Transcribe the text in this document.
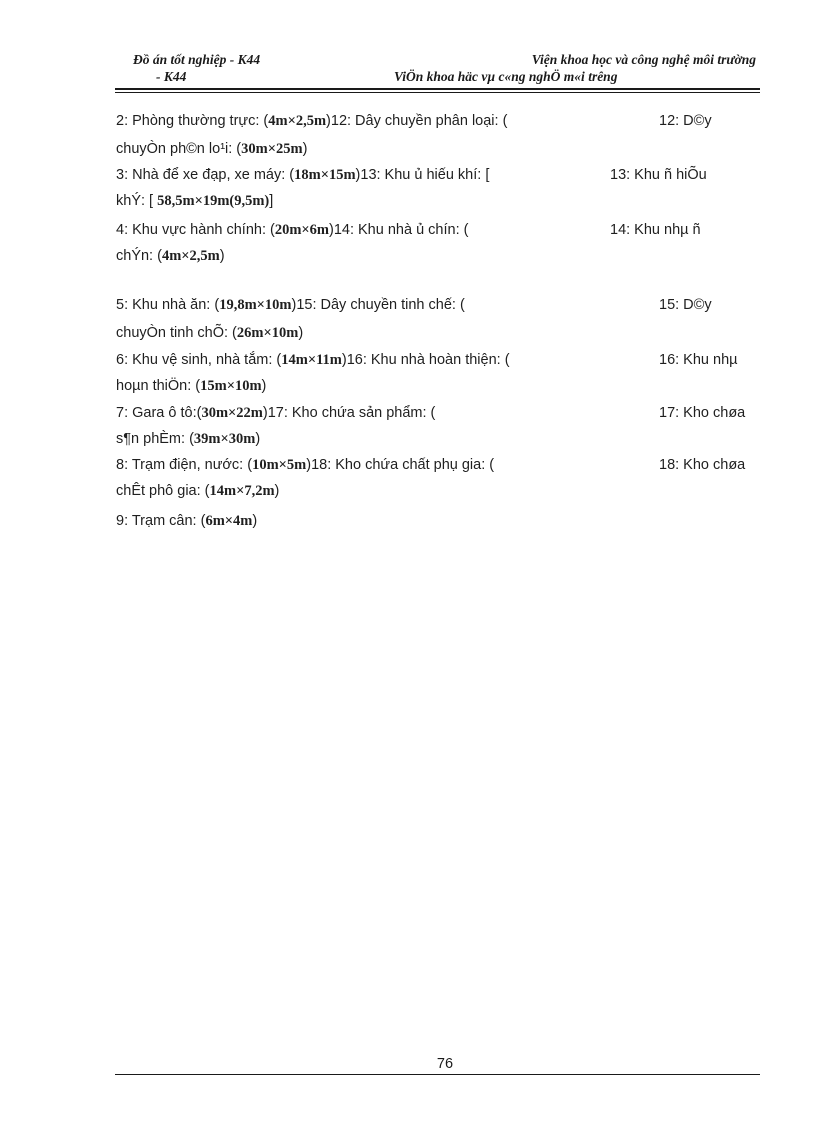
Đồ án tốt nghiệp - K44
- K44
Viện khoa học và công nghệ môi trường
ViÖn khoa häc vµ c«ng nghÖ m«i trêng
2: Phòng thường trực: (4m×2,5m)12: Dây chuyền phân loại: (	12: D©y
chuyÒn ph©n lo¹i: (30m×25m)
3: Nhà để xe đạp, xe máy: (18m×15m)13: Khu ủ hiếu khí: [	13: Khu ñ hiÕu
khÝ: [ 58,5m×19m(9,5m)]
4: Khu vực hành chính: (20m×6m)14: Khu nhà ủ chín: (	14: Khu nhµ ñ
chÝn: (4m×2,5m)
5: Khu nhà ăn: (19,8m×10m)15: Dây chuyền tinh chế: (	15: D©y
chuyÒn tinh chÕ: (26m×10m)
6: Khu vệ sinh, nhà tắm: (14m×11m)16: Khu nhà hoàn thiện: (	16: Khu nhµ
hoµn thiÖn: (15m×10m)
7: Gara ô tô:(30m×22m)17: Kho chứa sản phẩm: (	17: Kho chøa
s¶n phÈm: (39m×30m)
8: Trạm điện, nước: (10m×5m)18: Kho chứa chất phụ gia: (	18: Kho chøa
chÊt phô gia: (14m×7,2m)
9: Trạm cân: (6m×4m)
76
